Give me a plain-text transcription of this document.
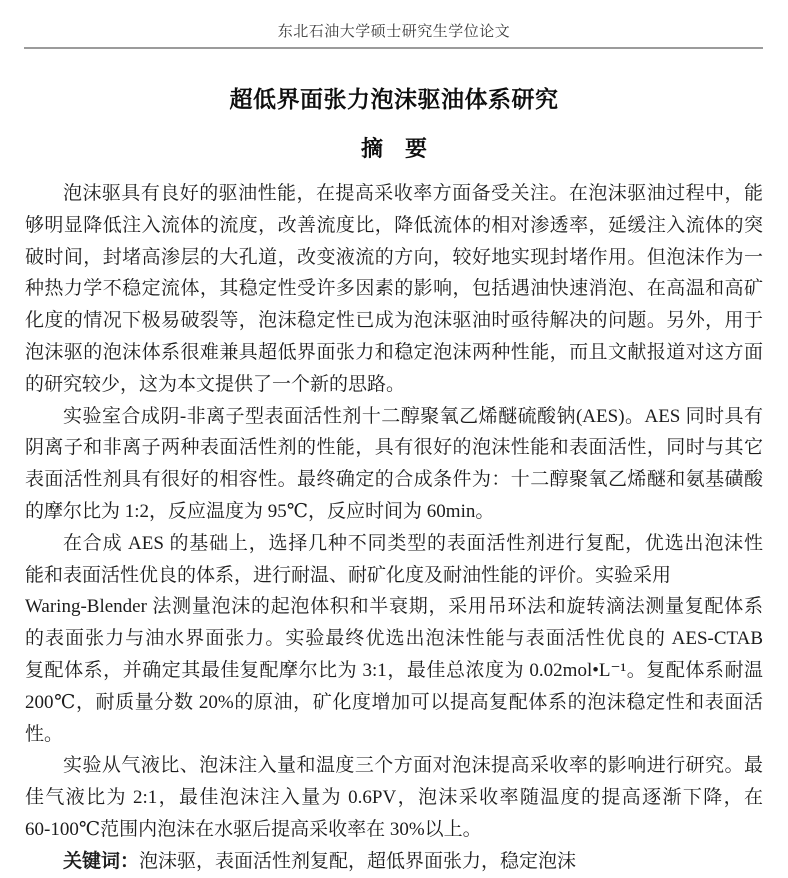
东北石油大学硕士研究生学位论文
超低界面张力泡沫驱油体系研究
摘　要
泡沫驱具有良好的驱油性能，在提高采收率方面备受关注。在泡沫驱油过程中，能
够明显降低注入流体的流度，改善流度比，降低流体的相对渗透率，延缓注入流体的突
破时间，封堵高渗层的大孔道，改变液流的方向，较好地实现封堵作用。但泡沫作为一
种热力学不稳定流体，其稳定性受许多因素的影响，包括遇油快速消泡、在高温和高矿
化度的情况下极易破裂等，泡沫稳定性已成为泡沫驱油时亟待解决的问题。另外，用于
泡沫驱的泡沫体系很难兼具超低界面张力和稳定泡沫两种性能，而且文献报道对这方面
的研究较少，这为本文提供了一个新的思路。
实验室合成阴-非离子型表面活性剂十二醇聚氧乙烯醚硫酸钠(AES)。AES 同时具有
阴离子和非离子两种表面活性剂的性能，具有很好的泡沫性能和表面活性，同时与其它
表面活性剂具有很好的相容性。最终确定的合成条件为：十二醇聚氧乙烯醚和氨基磺酸
的摩尔比为 1:2，反应温度为 95℃，反应时间为 60min。
在合成 AES 的基础上，选择几种不同类型的表面活性剂进行复配，优选出泡沫性
能和表面活性优良的体系，进行耐温、耐矿化度及耐油性能的评价。实验采用
Waring-Blender 法测量泡沫的起泡体积和半衰期，采用吊环法和旋转滴法测量复配体系
的表面张力与油水界面张力。实验最终优选出泡沫性能与表面活性优良的 AES-CTAB
复配体系，并确定其最佳复配摩尔比为 3:1，最佳总浓度为 0.02mol•L⁻¹。复配体系耐温
200℃，耐质量分数 20%的原油，矿化度增加可以提高复配体系的泡沫稳定性和表面活
性。
实验从气液比、泡沫注入量和温度三个方面对泡沫提高采收率的影响进行研究。最
佳气液比为 2:1，最佳泡沫注入量为 0.6PV，泡沫采收率随温度的提高逐渐下降，在
60-100℃范围内泡沫在水驱后提高采收率在 30%以上。
关键词：泡沫驱，表面活性剂复配，超低界面张力，稳定泡沫
